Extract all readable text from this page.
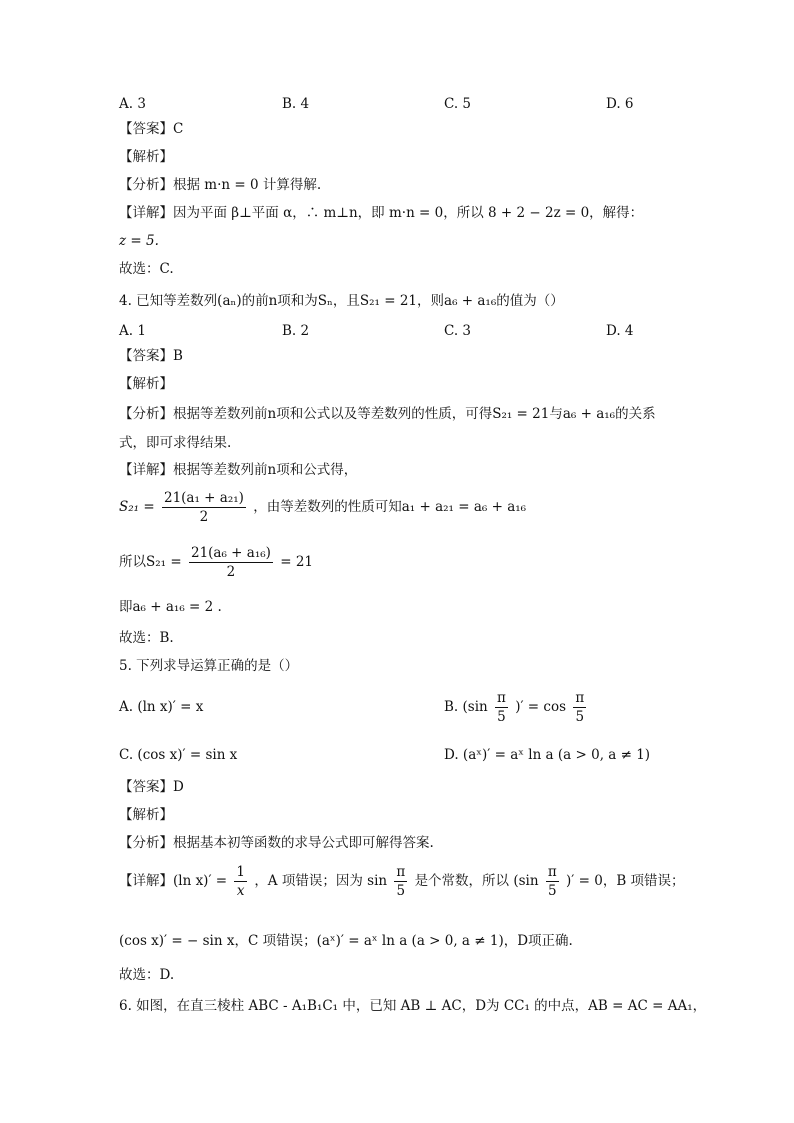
A. 3	B. 4	C. 5	D. 6
【答案】C
【解析】
【分析】根据 m·n = 0 计算得解.
【详解】因为平面 β⊥平面 α，∴ m⊥n，即 m·n = 0，所以 8 + 2 − 2z = 0，解得：
z = 5.
故选：C.
4. 已知等差数列(aₙ)的前n项和为Sₙ，且S₂₁ = 21，则a₆ + a₁₆的值为（）
A. 1	B. 2	C. 3	D. 4
【答案】B
【解析】
【分析】根据等差数列前n项和公式以及等差数列的性质，可得S₂₁ = 21与a₆ + a₁₆的关系
式，即可求得结果.
【详解】根据等差数列前n项和公式得，
$S_{21} = \frac{\text{21(a₁ + a₂₁)}}{2}$ ，由等差数列的性质可知a₁ + a₂₁ = a₆ + a₁₆
所以$S_{21} = \frac{\text{21(a₆ + a₁₆)}}{2} = 21$
即a₆ + a₁₆ = 2 .
故选：B.
5. 下列求导运算正确的是（）
A. (ln x)′ = x	B. ($\sin \frac{\pi}{5}$ )′ = $\cos \frac{\pi}{5}$
C. (cos x)′ = sin x	D. (aˣ)′ = aˣ ln a (a > 0, a ≠ 1)
【答案】D
【解析】
【分析】根据基本初等函数的求导公式即可解得答案.
【详解】(ln $x)' = \frac{1}{x}$ ，A 项错误；因为 $\sin \frac{\pi}{5}$ 是个常数，所以 ($\sin \frac{\pi}{5}$ )′ = 0，B 项错误；
(cos x)′ = − sin x，C 项错误；(aˣ)′ = aˣ ln a (a > 0, a ≠ 1)，D项正确.
故选：D.
6. 如图，在直三棱柱 ABC - A₁B₁C₁ 中，已知 AB ⊥ AC，D为 CC₁ 的中点，AB = AC = AA₁，
